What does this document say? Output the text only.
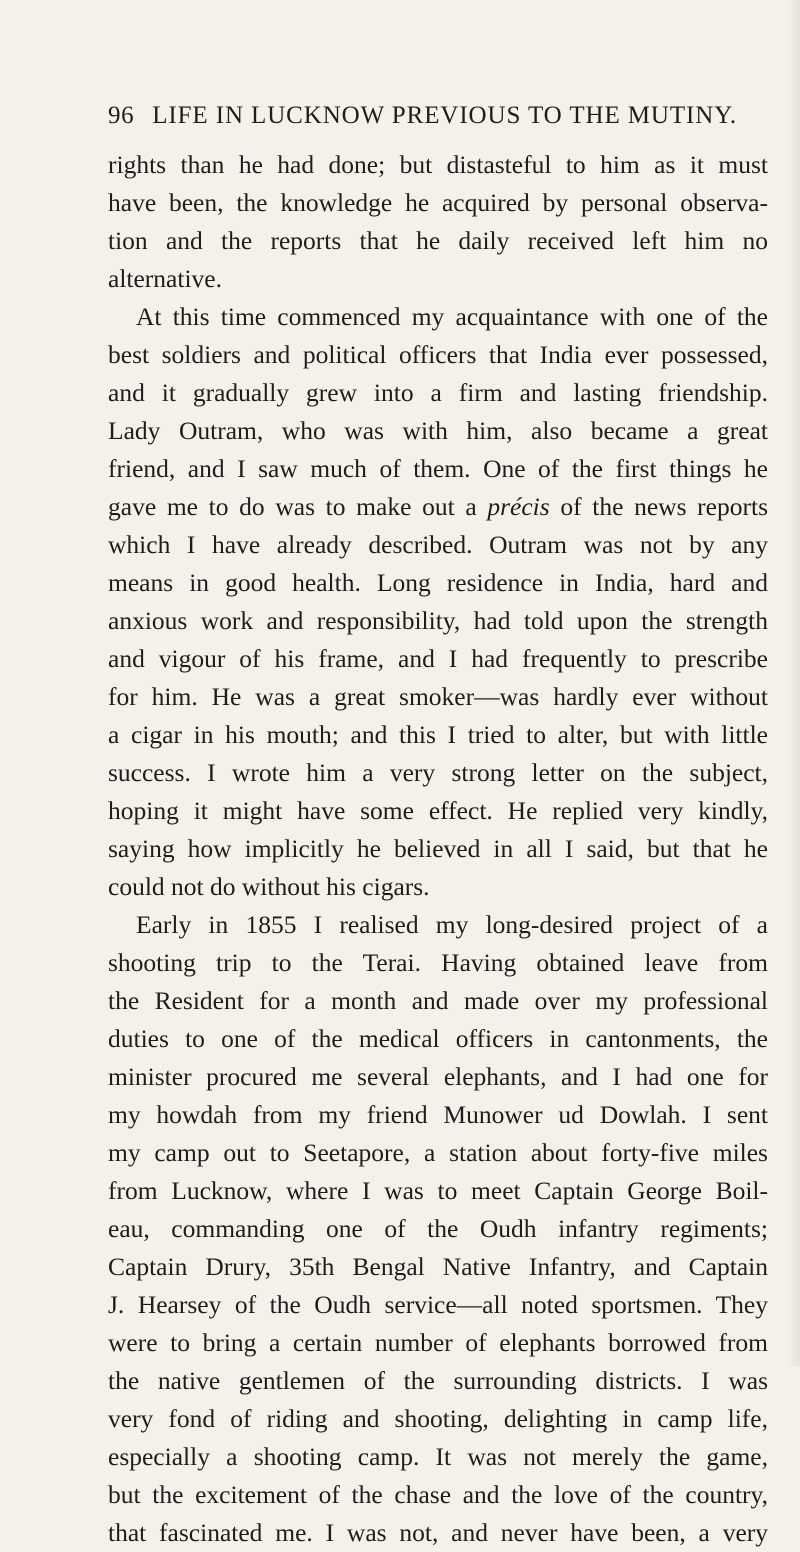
96 LIFE IN LUCKNOW PREVIOUS TO THE MUTINY.
rights than he had done; but distasteful to him as it must
have been, the knowledge he acquired by personal observa-
tion and the reports that he daily received left him no
alternative.
At this time commenced my acquaintance with one of the
best soldiers and political officers that India ever possessed,
and it gradually grew into a firm and lasting friendship.
Lady Outram, who was with him, also became a great
friend, and I saw much of them. One of the first things he
gave me to do was to make out a précis of the news reports
which I have already described. Outram was not by any
means in good health. Long residence in India, hard and
anxious work and responsibility, had told upon the strength
and vigour of his frame, and I had frequently to prescribe
for him. He was a great smoker—was hardly ever without
a cigar in his mouth; and this I tried to alter, but with little
success. I wrote him a very strong letter on the subject,
hoping it might have some effect. He replied very kindly,
saying how implicitly he believed in all I said, but that he
could not do without his cigars.
Early in 1855 I realised my long-desired project of a
shooting trip to the Terai. Having obtained leave from
the Resident for a month and made over my professional
duties to one of the medical officers in cantonments, the
minister procured me several elephants, and I had one for
my howdah from my friend Munower ud Dowlah. I sent
my camp out to Seetapore, a station about forty-five miles
from Lucknow, where I was to meet Captain George Boil-
eau, commanding one of the Oudh infantry regiments;
Captain Drury, 35th Bengal Native Infantry, and Captain
J. Hearsey of the Oudh service—all noted sportsmen. They
were to bring a certain number of elephants borrowed from
the native gentlemen of the surrounding districts. I was
very fond of riding and shooting, delighting in camp life,
especially a shooting camp. It was not merely the game,
but the excitement of the chase and the love of the country,
that fascinated me. I was not, and never have been, a very
